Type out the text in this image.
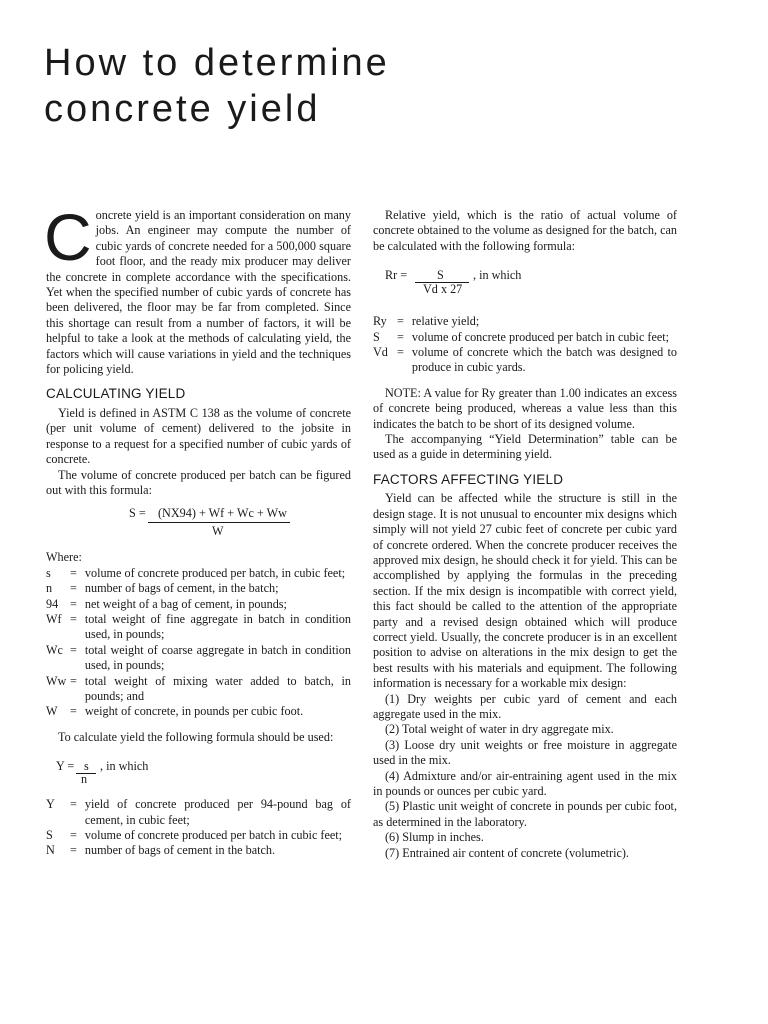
How to determine
concrete yield

Concrete yield is an important consideration on many jobs. An engineer may compute the number of cubic yards of concrete needed for a 500,000 square foot floor, and the ready mix producer may deliver the concrete in complete accordance with the specifications. Yet when the specified number of cubic yards of concrete has been delivered, the floor may be far from completed. Since this shortage can result from a number of factors, it will be helpful to take a look at the methods of calculating yield, the factors which will cause variations in yield and the techniques for policing yield.

CALCULATING YIELD

Yield is defined in ASTM C 138 as the volume of concrete (per unit volume of cement) delivered to the jobsite in response to a request for a specified number of cubic yards of concrete.

The volume of concrete produced per batch can be figured out with this formula:

S = (NX94) + Wf + Wc + Ww
W
Where:
s	= volume of concrete produced per batch, in cubic feet;
n	= number of bags of cement, in the batch;
94 = net weight of a bag of cement, in pounds;
Wf = total weight of fine aggregate in batch in condition used, in pounds;
Wc = total weight of coarse aggregate in batch in condition used, in pounds;
Ww = total weight of mixing water added to batch, in pounds; and
W	= weight of concrete, in pounds per cubic foot.

To calculate yield the following formula should be used:

Y = s
n
, in which
Y	= yield of concrete produced per 94-pound bag of cement, in cubic feet;
S	= volume of concrete produced per batch in cubic feet;
N	= number of bags of cement in the batch.

Relative yield, which is the ratio of actual volume of concrete obtained to the volume as designed for the batch, can be calculated with the following formula:

Rr = S
Vd x 27
, in which
Ry = relative yield;
S	= volume of concrete produced per batch in cubic feet;
Vd = volume of concrete which the batch was designed to produce in cubic yards.

NOTE: A value for Ry greater than 1.00 indicates an excess of concrete being produced, whereas a value less than this indicates the batch to be short of its designed volume.

The accompanying “Yield Determination” table can be used as a guide in determining yield.

FACTORS AFFECTING YIELD

Yield can be affected while the structure is still in the design stage. It is not unusual to encounter mix designs which simply will not yield 27 cubic feet of concrete per cubic yard of concrete ordered. When the concrete producer receives the approved mix design, he should check it for yield. This can be accomplished by applying the formulas in the preceding section. If the mix design is incompatible with correct yield, this fact should be called to the attention of the appropriate party and a revised design obtained which will produce correct yield. Usually, the concrete producer is in an excellent position to advise on alterations in the mix design to get the best results with his materials and equipment. The following information is necessary for a workable mix design:

(1) Dry weights per cubic yard of cement and each aggregate used in the mix.

(2) Total weight of water in dry aggregate mix.

(3) Loose dry unit weights or free moisture in aggregate used in the mix.

(4) Admixture and/or air-entraining agent used in the mix in pounds or ounces per cubic yard.

(5) Plastic unit weight of concrete in pounds per cubic foot, as determined in the laboratory.

(6) Slump in inches.

(7) Entrained air content of concrete (volumetric).
